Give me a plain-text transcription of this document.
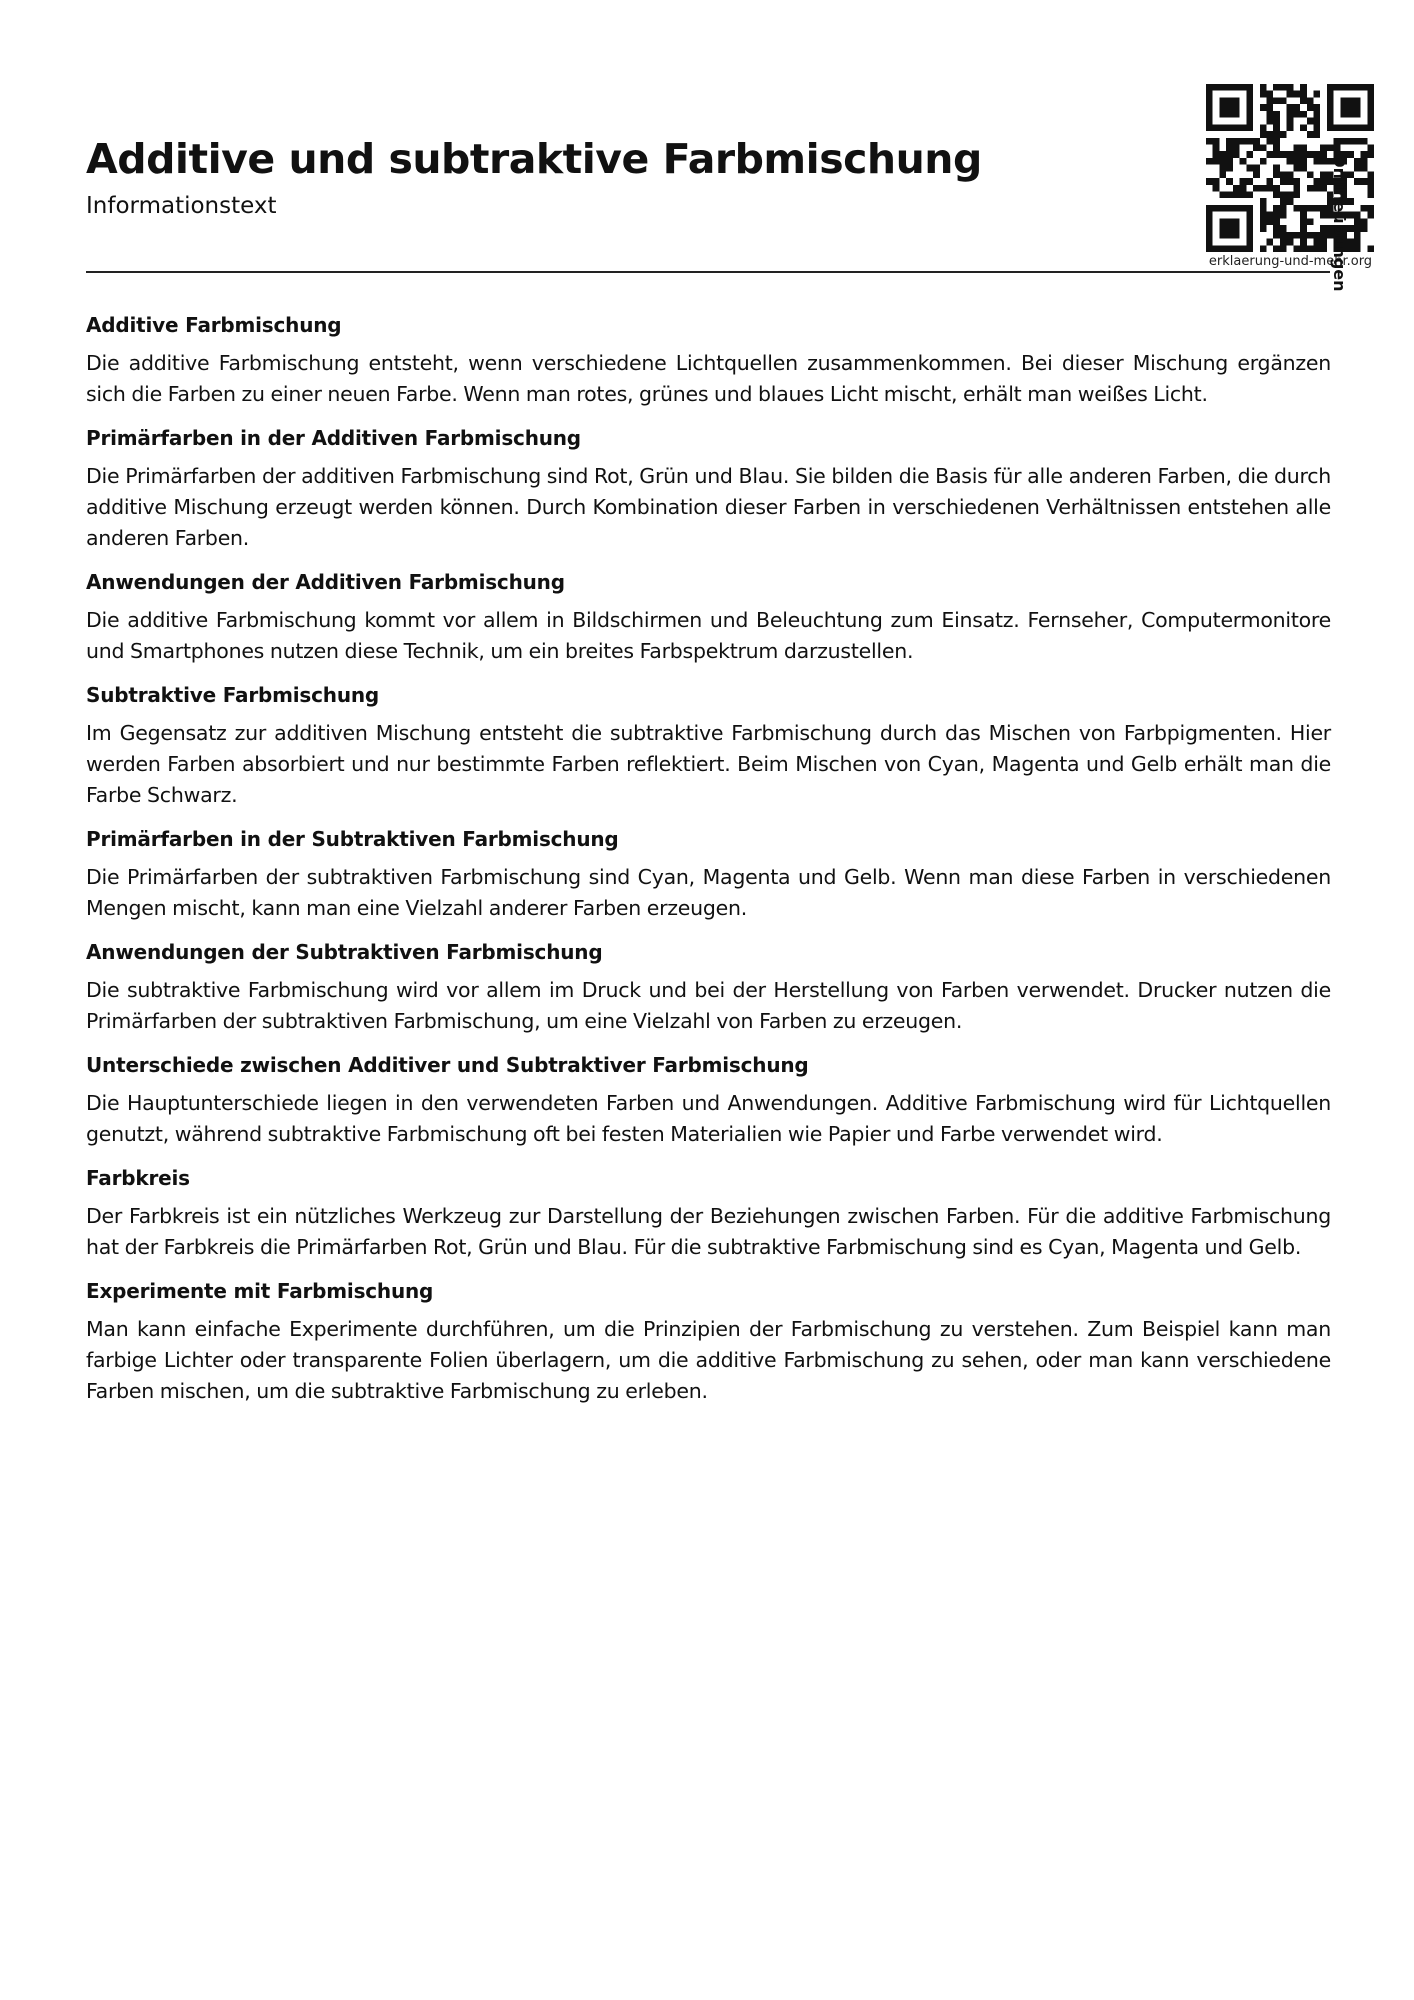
Additive und subtraktive Farbmischung
Informationstext
erklaerung-und-mehr.org
Onlineübungen
Additive Farbmischung

Die additive Farbmischung entsteht, wenn verschiedene Lichtquellen zusammenkommen. Bei dieser Mischung ergänzen sich die Farben zu einer neuen Farbe. Wenn man rotes, grünes und blaues Licht mischt, erhält man weißes Licht.

Primärfarben in der Additiven Farbmischung

Die Primärfarben der additiven Farbmischung sind Rot, Grün und Blau. Sie bilden die Basis für alle anderen Farben, die durch additive Mischung erzeugt werden können. Durch Kombination dieser Farben in verschiedenen Verhältnissen entstehen alle anderen Farben.

Anwendungen der Additiven Farbmischung

Die additive Farbmischung kommt vor allem in Bildschirmen und Beleuchtung zum Einsatz. Fernseher, Computermonitore und Smartphones nutzen diese Technik, um ein breites Farbspektrum darzustellen.

Subtraktive Farbmischung

Im Gegensatz zur additiven Mischung entsteht die subtraktive Farbmischung durch das Mischen von Farbpigmenten. Hier werden Farben absorbiert und nur bestimmte Farben reflektiert. Beim Mischen von Cyan, Magenta und Gelb erhält man die Farbe Schwarz.

Primärfarben in der Subtraktiven Farbmischung

Die Primärfarben der subtraktiven Farbmischung sind Cyan, Magenta und Gelb. Wenn man diese Farben in verschiedenen Mengen mischt, kann man eine Vielzahl anderer Farben erzeugen.

Anwendungen der Subtraktiven Farbmischung

Die subtraktive Farbmischung wird vor allem im Druck und bei der Herstellung von Farben verwendet. Drucker nutzen die Primärfarben der subtraktiven Farbmischung, um eine Vielzahl von Farben zu erzeugen.

Unterschiede zwischen Additiver und Subtraktiver Farbmischung

Die Hauptunterschiede liegen in den verwendeten Farben und Anwendungen. Additive Farbmischung wird für Lichtquellen genutzt, während subtraktive Farbmischung oft bei festen Materialien wie Papier und Farbe verwendet wird.

Farbkreis

Der Farbkreis ist ein nützliches Werkzeug zur Darstellung der Beziehungen zwischen Farben. Für die additive Farbmischung hat der Farbkreis die Primärfarben Rot, Grün und Blau. Für die subtraktive Farbmischung sind es Cyan, Magenta und Gelb.

Experimente mit Farbmischung

Man kann einfache Experimente durchführen, um die Prinzipien der Farbmischung zu verstehen. Zum Beispiel kann man farbige Lichter oder transparente Folien überlagern, um die additive Farbmischung zu sehen, oder man kann verschiedene Farben mischen, um die subtraktive Farbmischung zu erleben.
